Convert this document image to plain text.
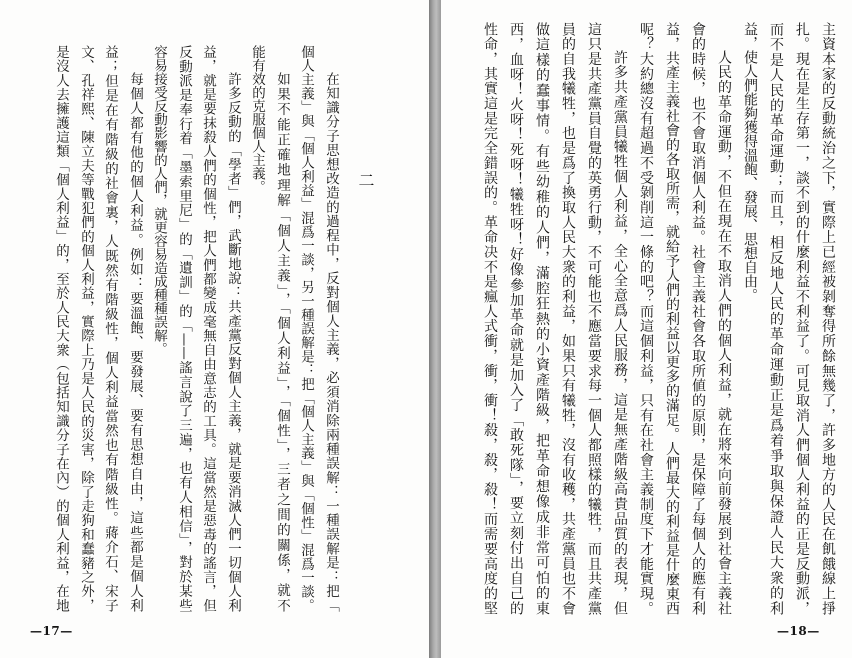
二
在知識分子思想改造的過程中，反對個人主義，必須消除兩種誤解：一種誤解是：把「
個人主義」與「個人利益」混爲一談，另一種誤解是：把「個人主義」與「個性」混爲一談。
如果不能正確地理解「個人主義」，「個人利益」，「個性」，三者之間的關係，就不
能有效的克服個人主義。
許多反動的「學者」們，武斷地說：共產黨反對個人主義，就是要消滅人們一切個人利
益，就是要抹殺人們的個性，把人們都變成毫無自由意志的工具。這當然是惡毒的謠言，但
反動派是奉行着「墨索里尼」的「遺訓」的「——謠言說了三遍，也有人相信」，對於某些
容易接受反動影響的人們，就更容易造成種種誤解。
每個人都有他的個人利益。例如：要溫飽、要發展、要有思想自由，這些都是個人利
益；但是在有階級的社會裏，人既然有階級性，個人利益當然也有階級性。蔣介石、宋子
文、孔祥熙、陳立夫等戰犯們的個人利益，實際上乃是人民的災害，除了走狗和蠢豬之外，
是沒人去擁護這類「個人利益」的，至於人民大衆（包括知識分子在內）的個人利益，在地
—17—
主資本家的反動統治之下，實際上已經被剝奪得所餘無幾了，許多地方的人民在飢餓線上掙
扎。現在是生存第一，談不到的什麼利益不利益了。可見取消人們個人利益的正是反動派，
而不是人民的革命運動；而且，相反地人民的革命運動正是爲着爭取與保證人民大衆的利
益，使人們能夠獲得溫飽、發展、思想自由。
人民的革命運動，不但在現在不取消人們的個人利益，就在將來向前發展到社會主義社
會的時候，也不會取消個人利益。社會主義社會各取所値的原則，是保障了每個人的應有利
益，共產主義社會的各取所需，就給予人們的利益以更多的滿足。人們最大的利益是什麼東西
呢？大約總沒有超過不受剝削這一條的吧？而這個利益，只有在社會主義制度下才能實現。
許多共產黨員犧牲個人利益，全心全意爲人民服務，這是無產階級高貴品質的表現，但
這只是共產黨員自覺的英勇行動，不可能也不應當要求每一個人都照樣的犧牲，而且共產黨
員的自我犧牲，也是爲了換取人民大衆的利益，如果只有犧牲，沒有收穫，共產黨員也不會
做這樣的蠢事情。有些幼稚的人們，滿腔狂熱的小資產階級，把革命想像成非常可怕的東
西，血呀！火呀！死呀！犧牲呀！好像參加革命就是加入了「敢死隊」，要立刻付出自己的
性命，其實這是完全錯誤的。革命决不是瘋人式衝，衝，衝！殺，殺，殺！而需要高度的堅
—18—
